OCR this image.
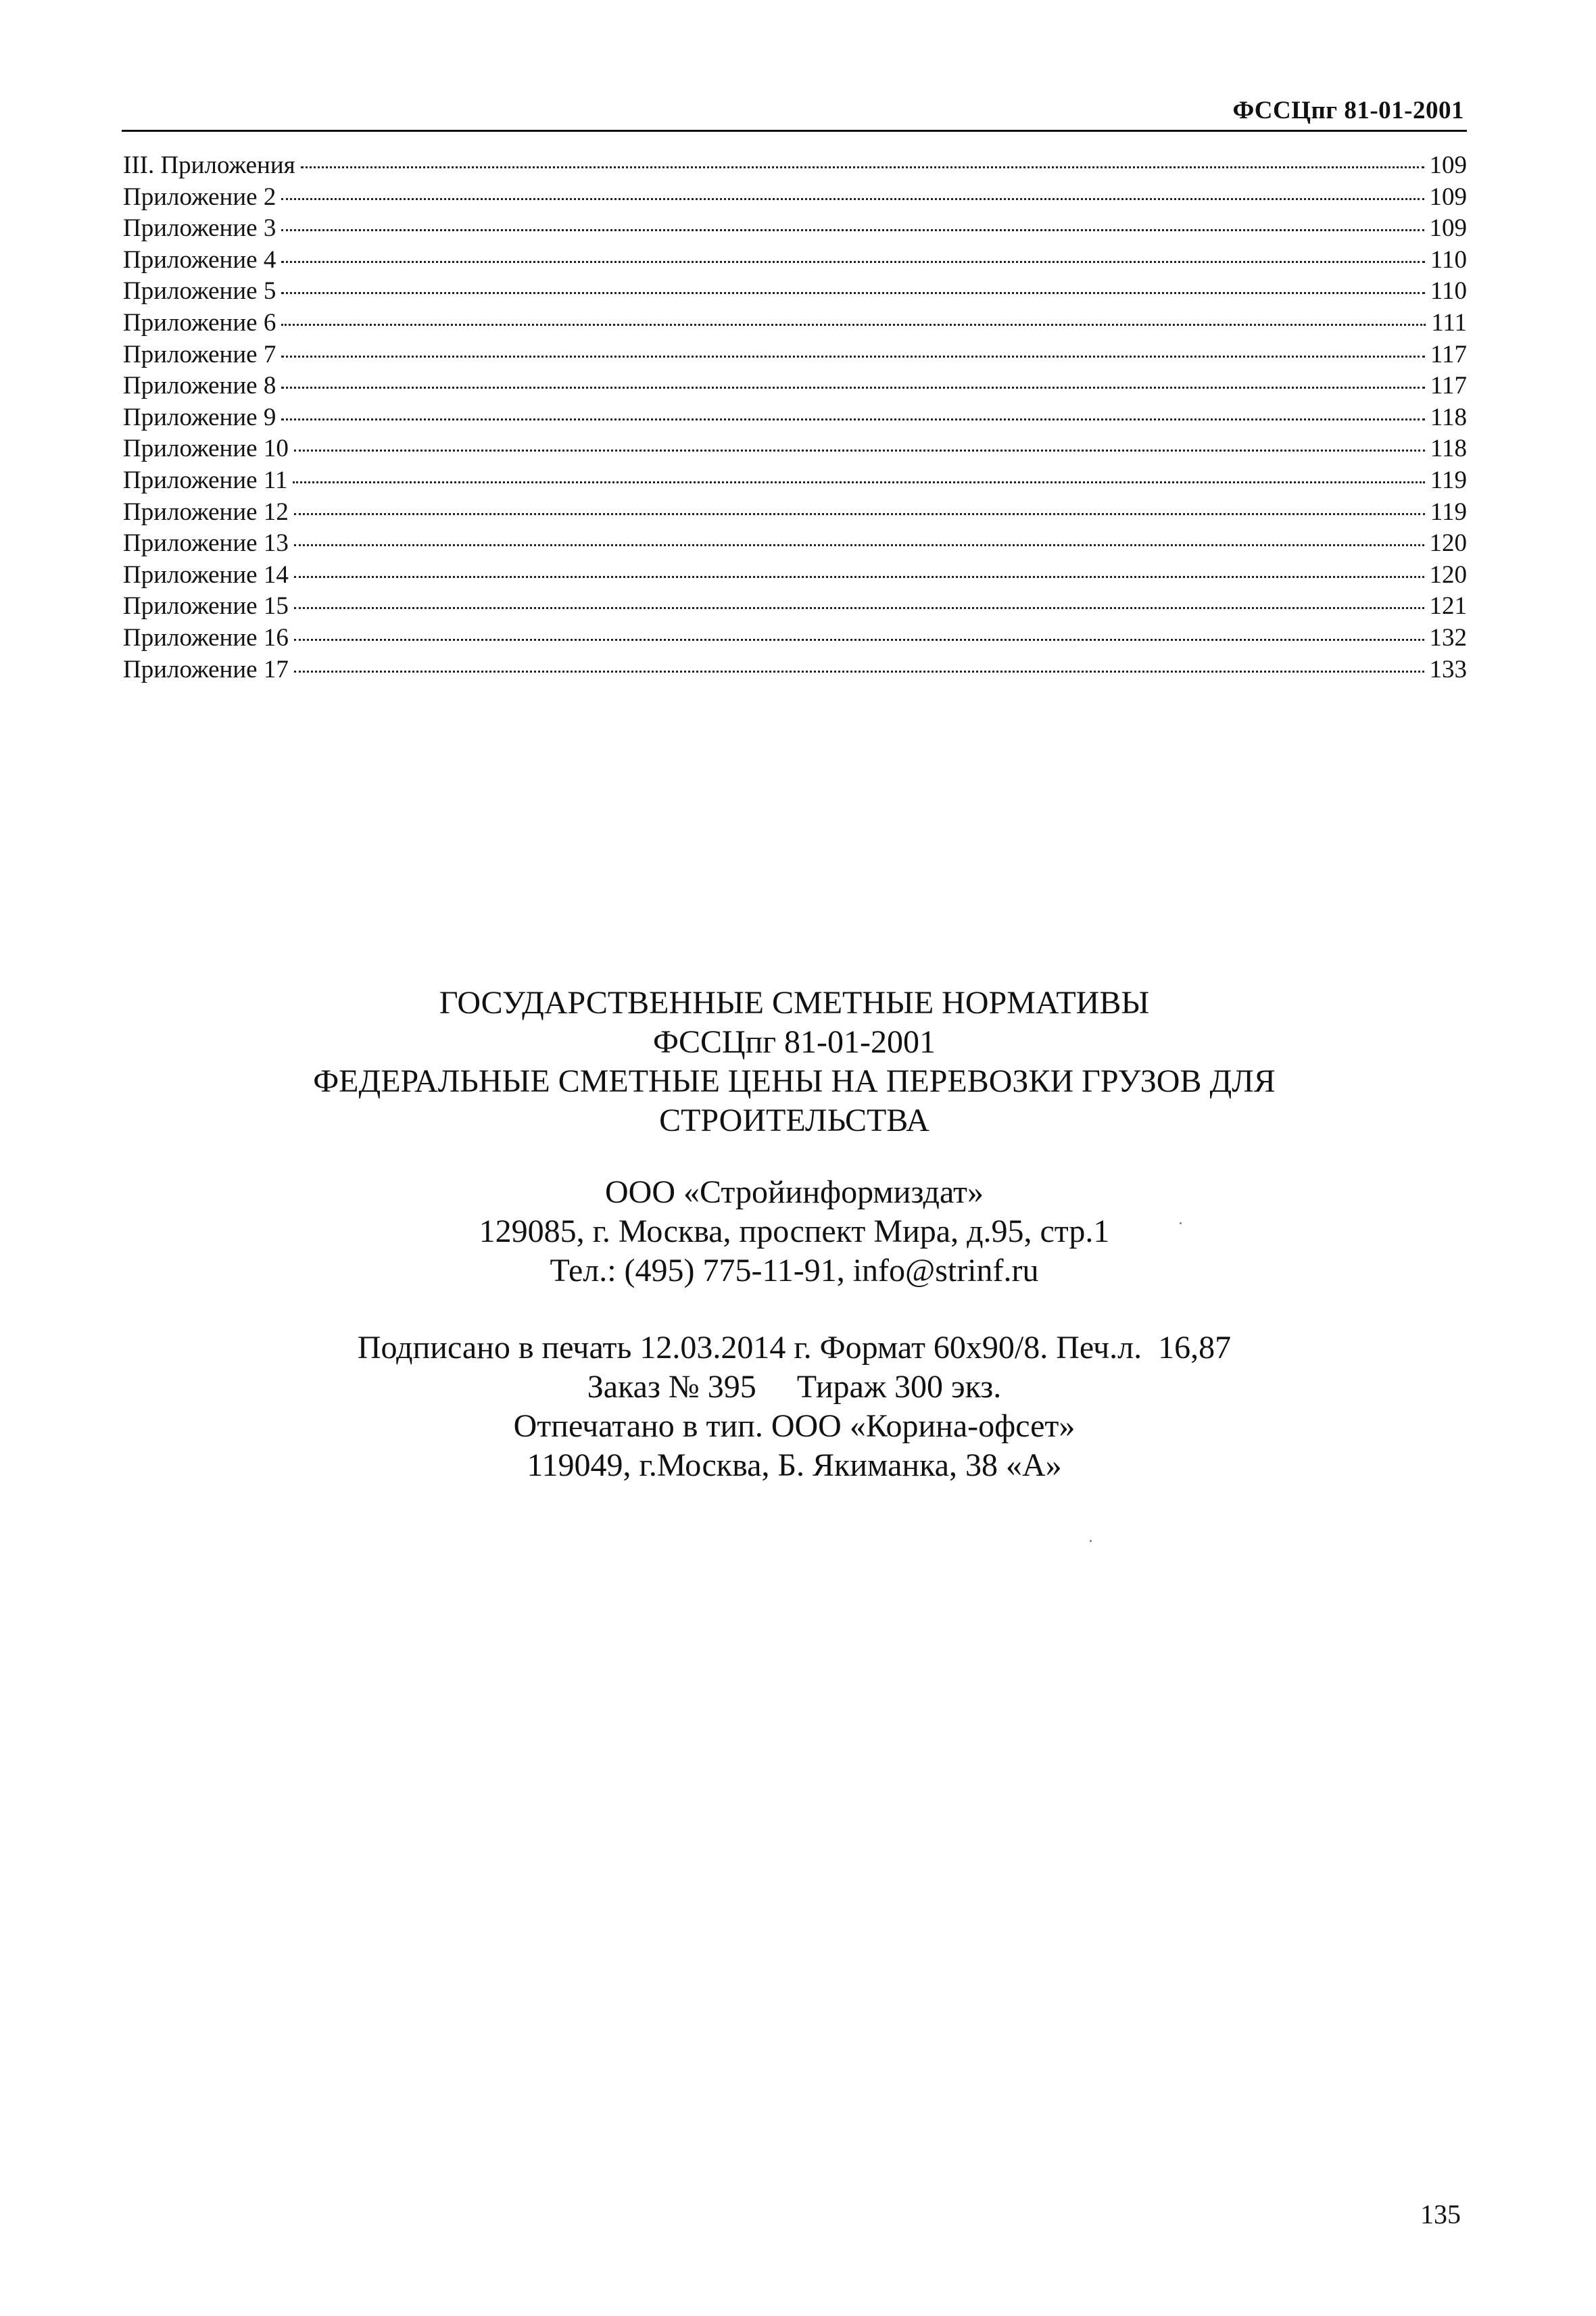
ФССЦпг 81-01-2001
III. Приложения	109
Приложение 2	109
Приложение 3	109
Приложение 4	110
Приложение 5	110
Приложение 6	111
Приложение 7	117
Приложение 8	117
Приложение 9	118
Приложение 10	118
Приложение 11	119
Приложение 12	119
Приложение 13	120
Приложение 14	120
Приложение 15	121
Приложение 16	132
Приложение 17	133
ГОСУДАРСТВЕННЫЕ СМЕТНЫЕ НОРМАТИВЫ
ФССЦпг 81-01-2001
ФЕДЕРАЛЬНЫЕ СМЕТНЫЕ ЦЕНЫ НА ПЕРЕВОЗКИ ГРУЗОВ ДЛЯ
СТРОИТЕЛЬСТВА
ООО «Стройинформиздат»
129085, г. Москва, проспект Мира, д.95, стр.1
Тел.: (495) 775-11-91, info@strinf.ru
Подписано в печать 12.03.2014 г. Формат 60х90/8. Печ.л.  16,87
Заказ № 395     Тираж 300 экз.
Отпечатано в тип. ООО «Корина-офсет»
119049, г.Москва, Б. Якиманка, 38 «А»
135
